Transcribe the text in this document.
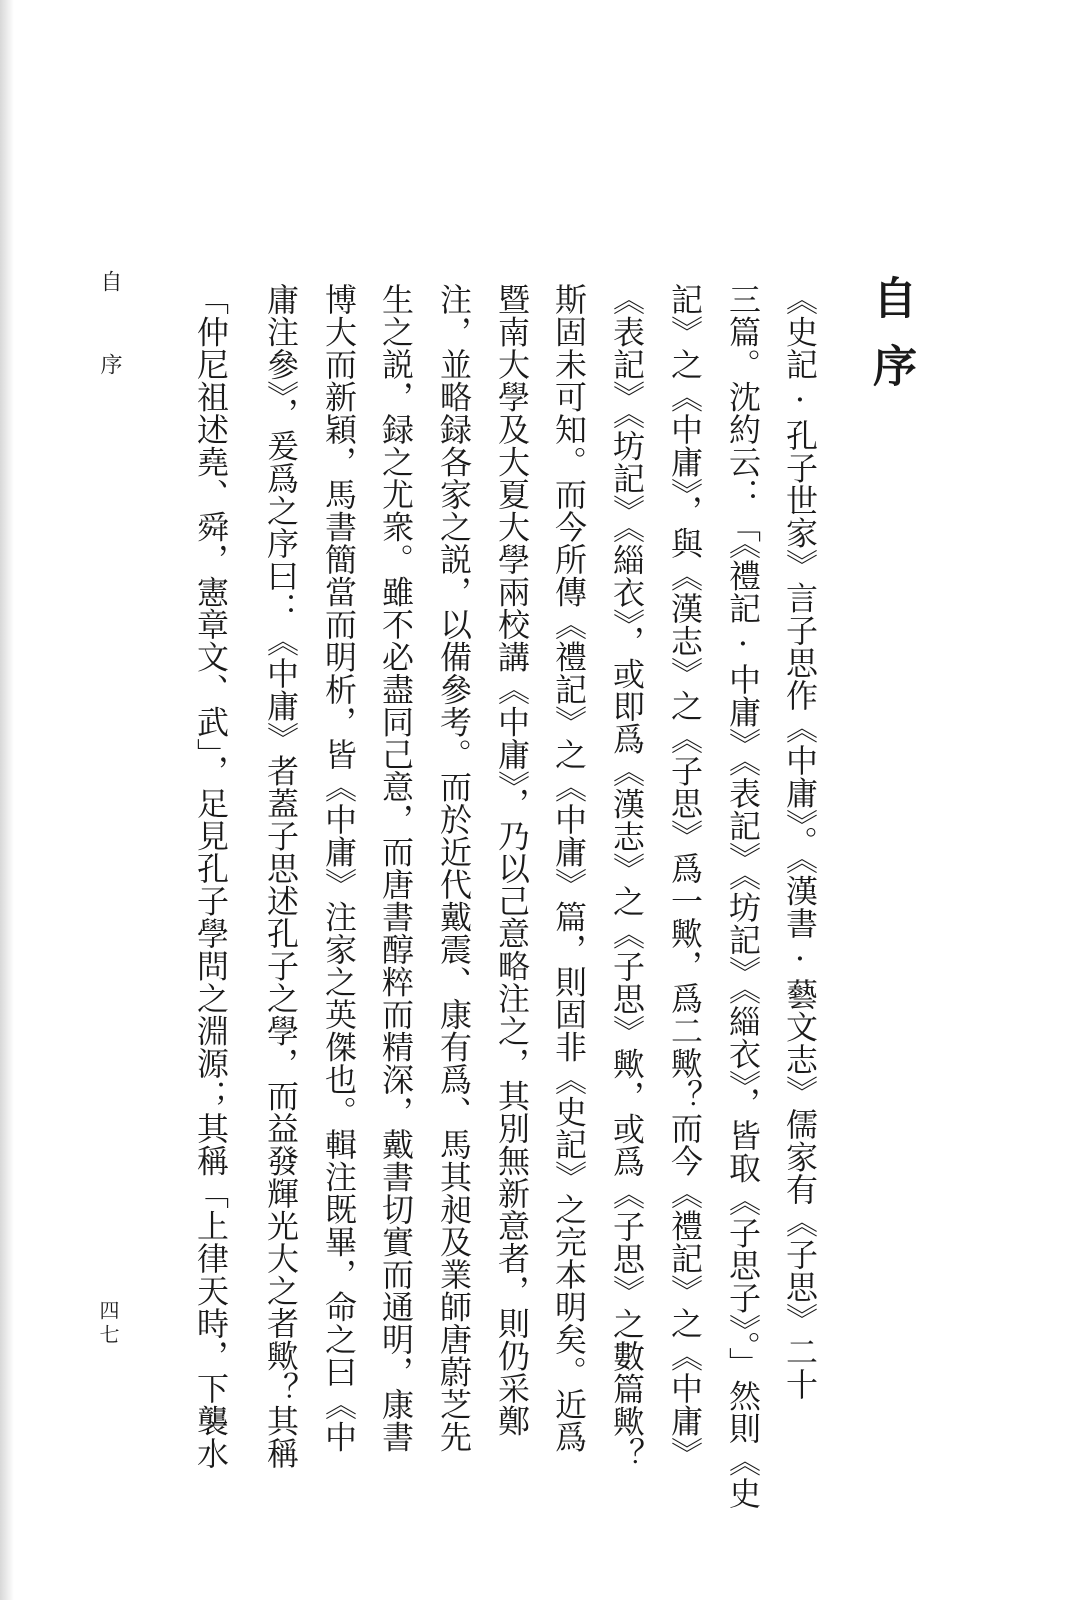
自序
《史記·孔子世家》言子思作《中庸》。《漢書·藝文志》儒家有《子思》二十
三篇。沈約云：「《禮記·中庸》《表記》《坊記》《緇衣》，皆取《子思子》。」然則《史
記》之《中庸》，與《漢志》之《子思》爲一歟，爲二歟？而今《禮記》之《中庸》
《表記》《坊記》《緇衣》，或即爲《漢志》之《子思》歟，或爲《子思》之數篇歟？
斯固未可知。而今所傳《禮記》之《中庸》篇，則固非《史記》之完本明矣。近爲
暨南大學及大夏大學兩校講《中庸》，乃以己意略注之，其別無新意者，則仍采鄭
注，並略録各家之説，以備參考。而於近代戴震、康有爲、馬其昶及業師唐蔚芝先
生之説，録之尤衆。雖不必盡同己意，而唐書醇粹而精深，戴書切實而通明，康書
博大而新穎，馬書簡當而明析，皆《中庸》注家之英傑也。輯注既畢，命之曰《中
庸注參》，爰爲之序曰：《中庸》者蓋子思述孔子之學，而益發輝光大之者歟？其稱
「仲尼祖述堯、舜，憲章文、武」，足見孔子學問之淵源；其稱「上律天時，下襲水
自 序
四七
